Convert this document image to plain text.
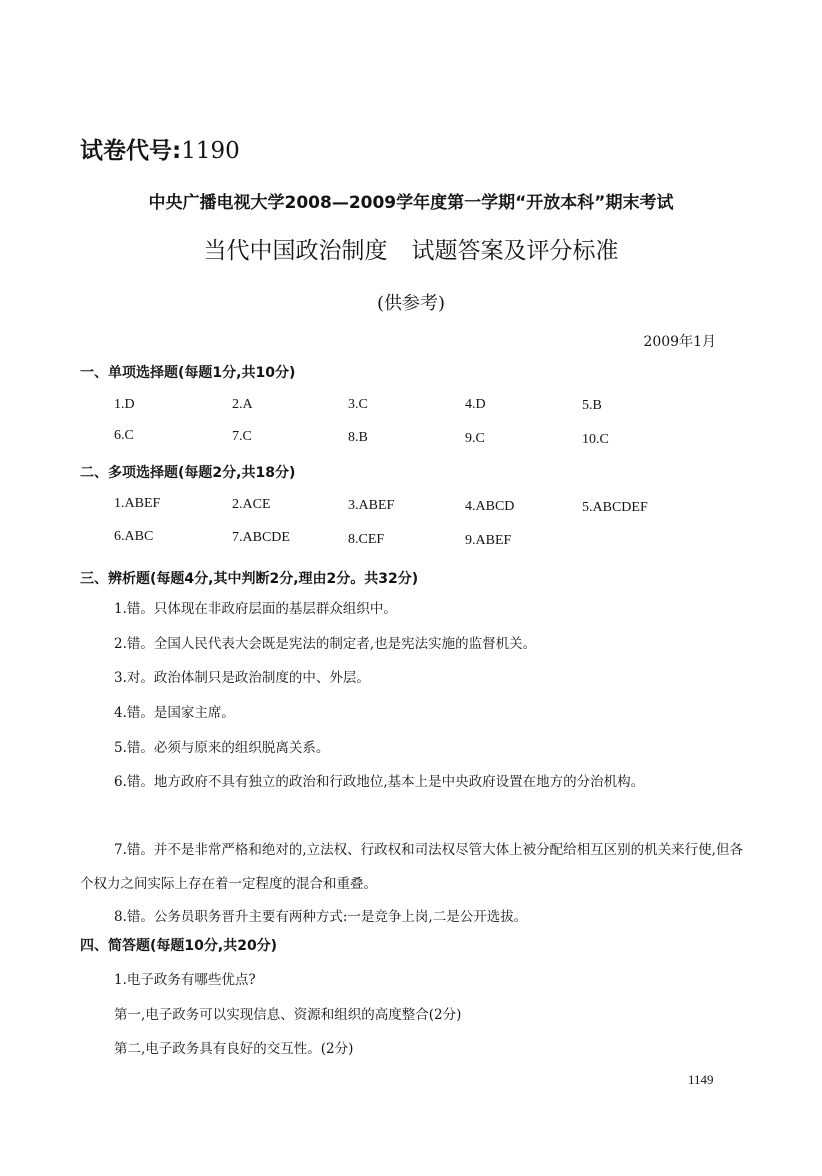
试卷代号:1190
中央广播电视大学2008—2009学年度第一学期“开放本科”期末考试
当代中国政治制度 试题答案及评分标准
(供参考)
2009年1月
一、单项选择题(每题1分,共10分)
1.D	2.A	3.C	4.D	5.B
6.C	7.C	8.B	9.C	10.C
二、多项选择题(每题2分,共18分)
1.ABEF	2.ACE	3.ABEF	4.ABCD	5.ABCDEF
6.ABC	7.ABCDE	8.CEF	9.ABEF
三、辨析题(每题4分,其中判断2分,理由2分。共32分)
1.错。只体现在非政府层面的基层群众组织中。
2.错。全国人民代表大会既是宪法的制定者,也是宪法实施的监督机关。
3.对。政治体制只是政治制度的中、外层。
4.错。是国家主席。
5.错。必须与原来的组织脱离关系。
6.错。地方政府不具有独立的政治和行政地位,基本上是中央政府设置在地方的分治机构。
7.错。并不是非常严格和绝对的,立法权、行政权和司法权尽管大体上被分配给相互区别的机关来行使,但各个权力之间实际上存在着一定程度的混合和重叠。
8.错。公务员职务晋升主要有两种方式:一是竞争上岗,二是公开选拔。
四、简答题(每题10分,共20分)
1.电子政务有哪些优点?
第一,电子政务可以实现信息、资源和组织的高度整合(2分)
第二,电子政务具有良好的交互性。(2分)
1149
